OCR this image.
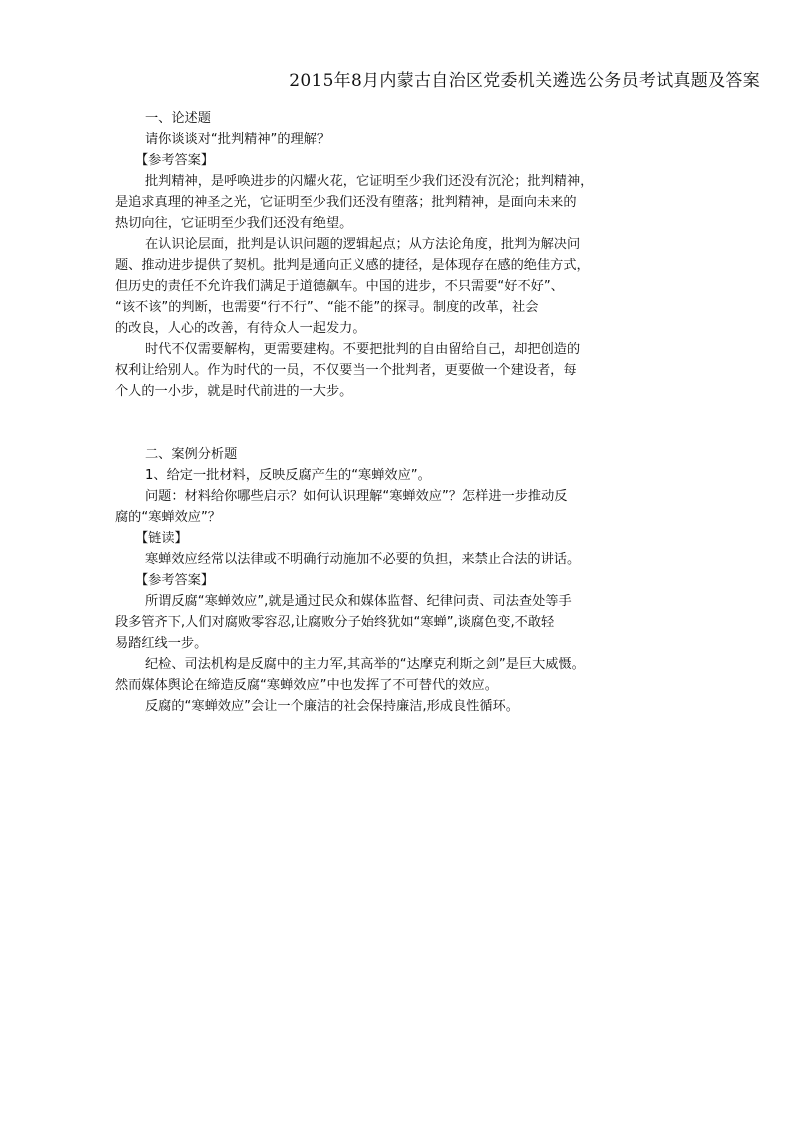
2015年8月内蒙古自治区党委机关遴选公务员考试真题及答案
一、论述题
请你谈谈对“批判精神”的理解？
【参考答案】
批判精神，是呼唤进步的闪耀火花，它证明至少我们还没有沉沦；批判精神，
是追求真理的神圣之光，它证明至少我们还没有堕落；批判精神，是面向未来的
热切向往，它证明至少我们还没有绝望。
在认识论层面，批判是认识问题的逻辑起点；从方法论角度，批判为解决问
题、推动进步提供了契机。批判是通向正义感的捷径，是体现存在感的绝佳方式，
但历史的责任不允许我们满足于道德飙车。中国的进步，不只需要“好不好”、
“该不该”的判断，也需要“行不行”、“能不能”的探寻。制度的改革，社会
的改良，人心的改善，有待众人一起发力。
时代不仅需要解构，更需要建构。不要把批判的自由留给自己，却把创造的
权利让给别人。作为时代的一员，不仅要当一个批判者，更要做一个建设者，每
个人的一小步，就是时代前进的一大步。
二、案例分析题
1、给定一批材料，反映反腐产生的“寒蝉效应”。
问题：材料给你哪些启示？如何认识理解“寒蝉效应”？怎样进一步推动反
腐的“寒蝉效应”？
【链读】
寒蝉效应经常以法律或不明确行动施加不必要的负担，来禁止合法的讲话。
【参考答案】
所谓反腐“寒蝉效应”,就是通过民众和媒体监督、纪律问责、司法查处等手
段多管齐下,人们对腐败零容忍,让腐败分子始终犹如“寒蝉”,谈腐色变,不敢轻
易踏红线一步。
纪检、司法机构是反腐中的主力军,其高举的“达摩克利斯之剑”是巨大威慑。
然而媒体舆论在缔造反腐“寒蝉效应”中也发挥了不可替代的效应。
反腐的“寒蝉效应”会让一个廉洁的社会保持廉洁,形成良性循环。
